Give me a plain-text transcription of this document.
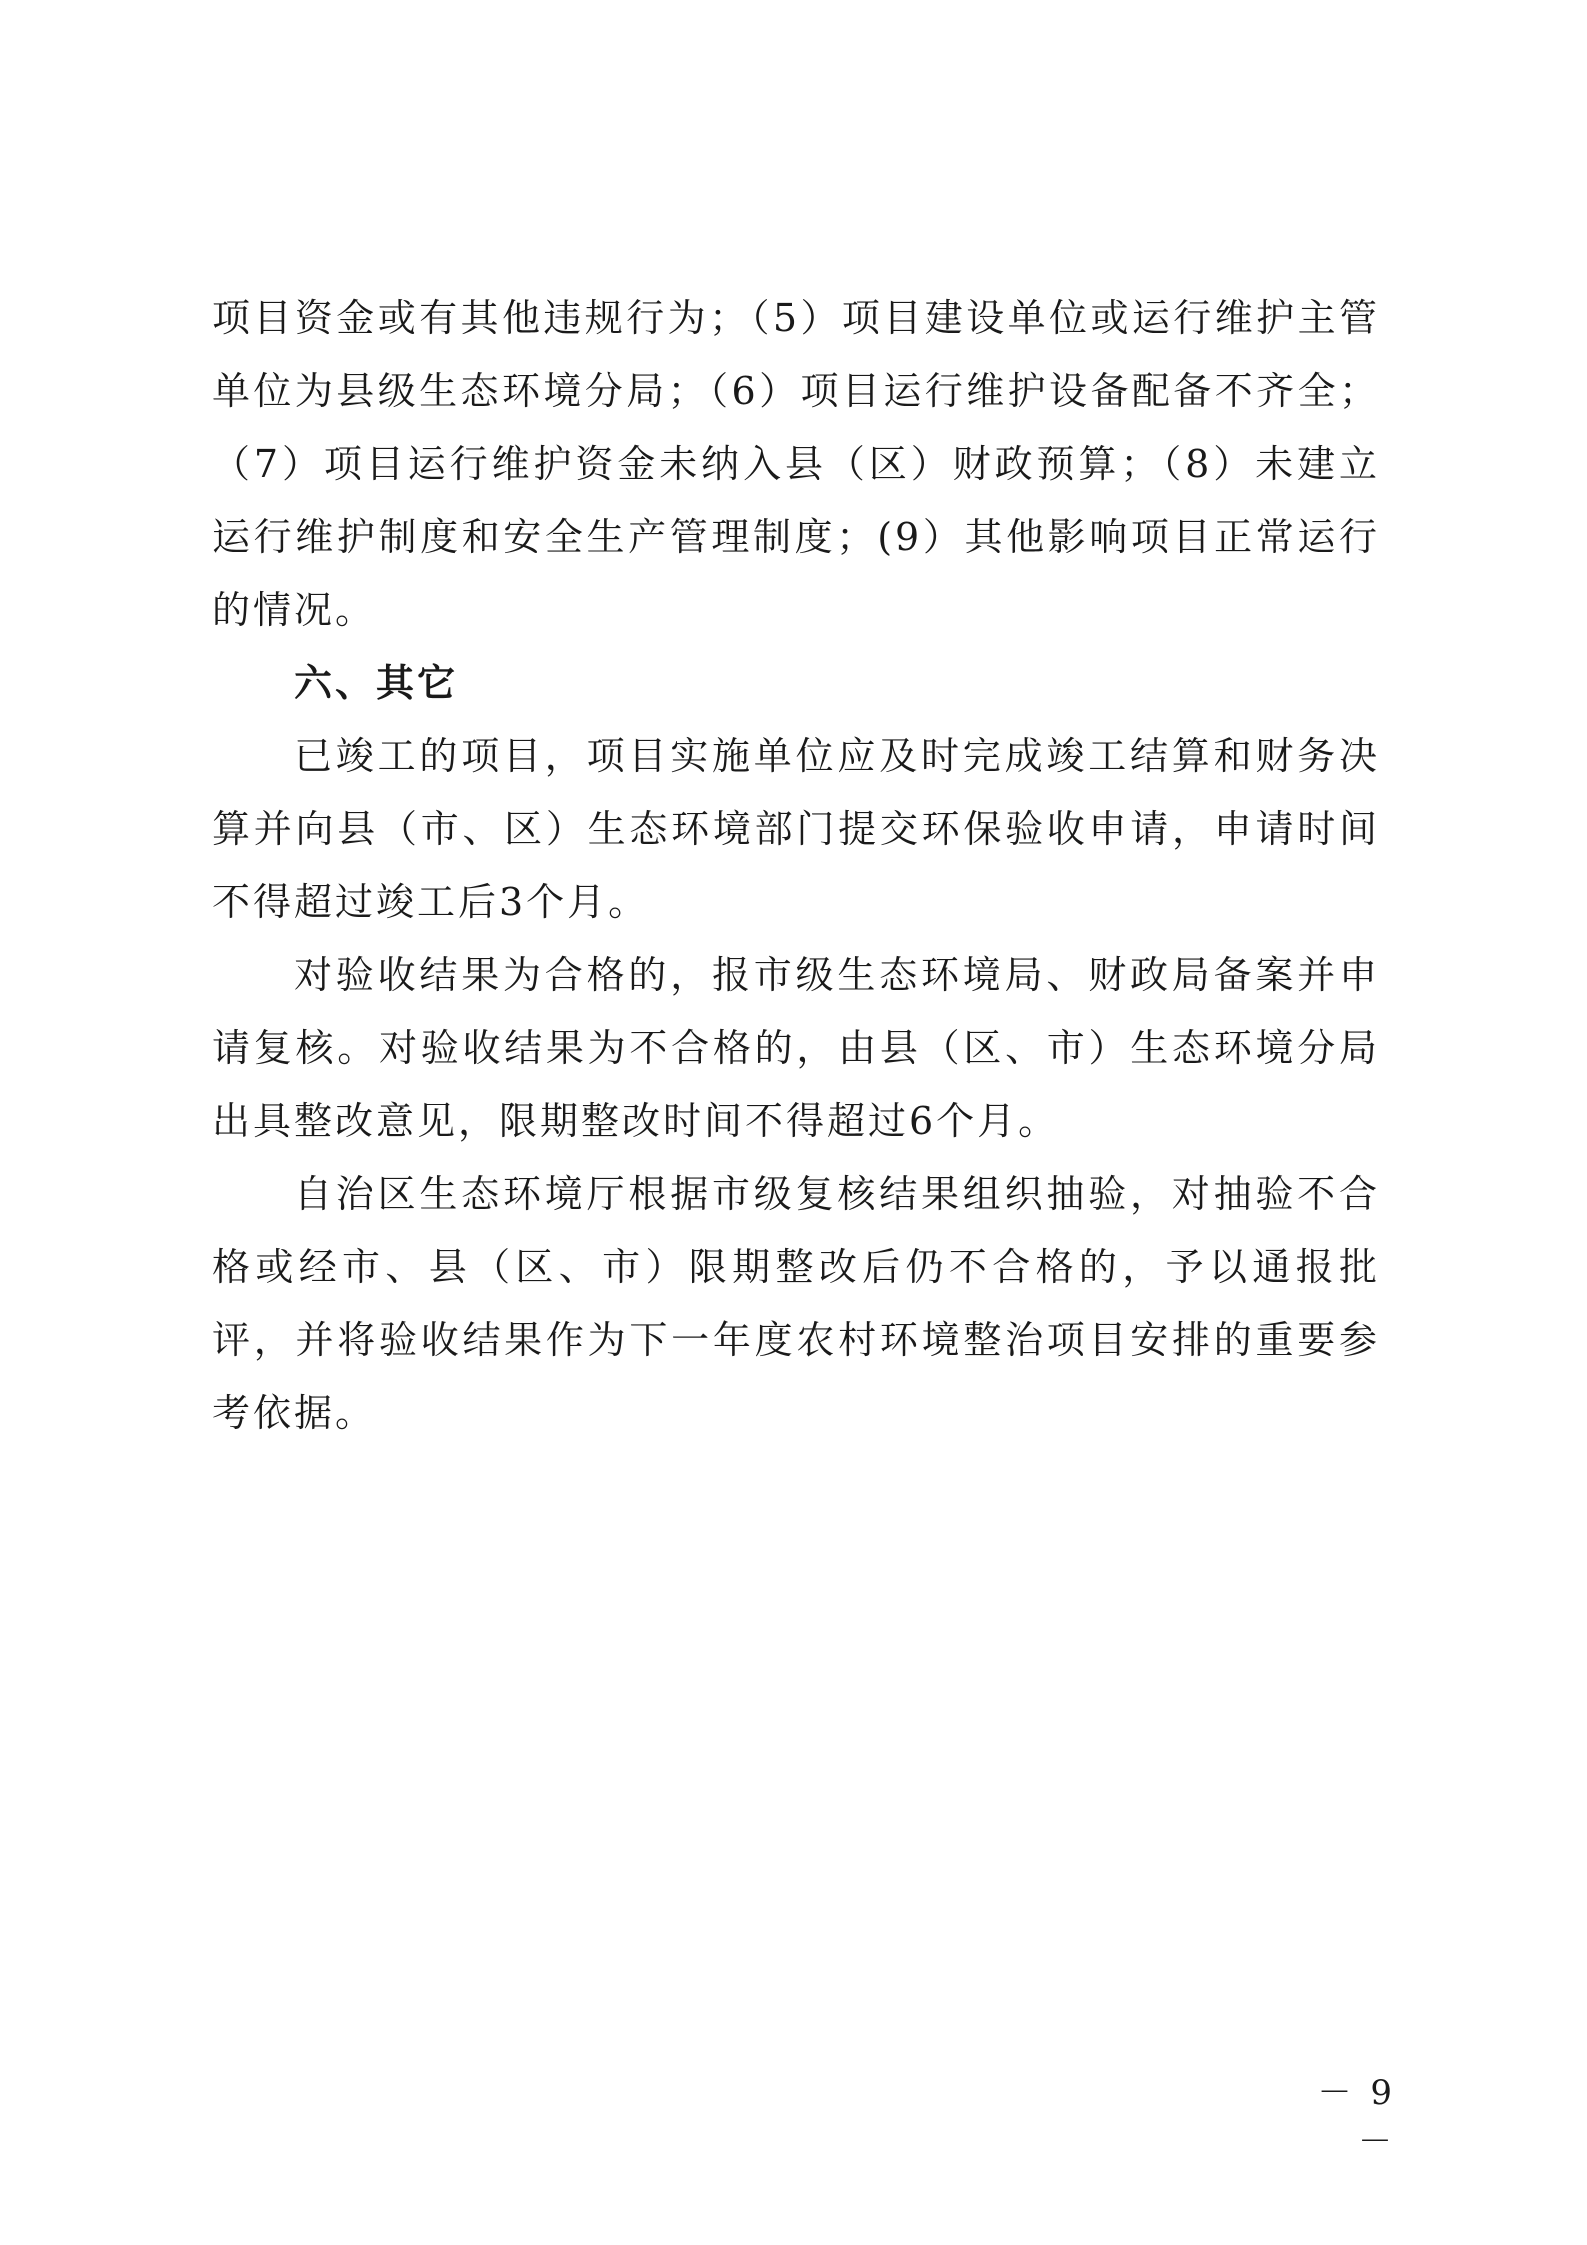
项目资金或有其他违规行为；（5）项目建设单位或运行维护主管单位为县级生态环境分局；（6）项目运行维护设备配备不齐全；（7）项目运行维护资金未纳入县（区）财政预算；（8）未建立运行维护制度和安全生产管理制度；(9）其他影响项目正常运行的情况。

六、其它

已竣工的项目，项目实施单位应及时完成竣工结算和财务决算并向县（市、区）生态环境部门提交环保验收申请，申请时间不得超过竣工后3个月。

对验收结果为合格的，报市级生态环境局、财政局备案并申请复核。对验收结果为不合格的，由县（区、市）生态环境分局出具整改意见，限期整改时间不得超过6个月。

自治区生态环境厅根据市级复核结果组织抽验，对抽验不合格或经市、县（区、市）限期整改后仍不合格的，予以通报批评，并将验收结果作为下一年度农村环境整治项目安排的重要参考依据。

－ 9 －
